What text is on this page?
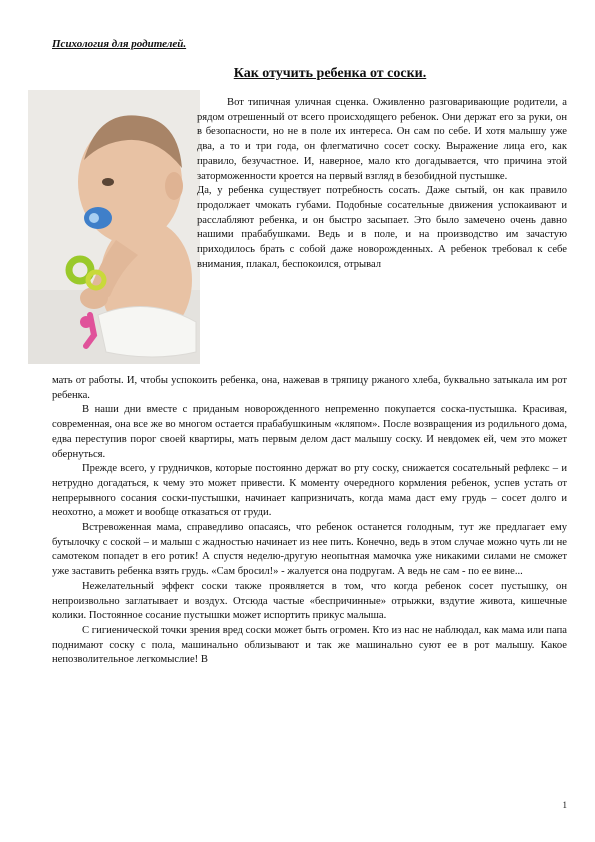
Психология для родителей.
Как отучить ребенка от соски.

Вот типичная уличная сценка. Оживленно разговаривающие родители, а рядом отрешенный от всего происходящего ребенок. Они держат его за руки, он в безопасности, но не в поле их интереса. Он сам по себе. И хотя малышу уже два, а то и три года, он флегматично сосет соску. Выражение лица его, как правило, безучастное. И, наверное, мало кто догадывается, что причина этой заторможенности кроется на первый взгляд в безобидной пустышке.

Да, у ребенка существует потребность сосать. Даже сытый, он как правило продолжает чмокать губами. Подобные сосательные движения успокаивают и расслабляют ребенка, и он быстро засыпает. Это было замечено очень давно нашими прабабушками. Ведь и в поле, и на производство им зачастую приходилось брать с собой даже новорожденных. А ребенок требовал к себе внимания, плакал, беспокоился, отрывал

мать от работы. И, чтобы успокоить ребенка, она, нажевав в тряпицу ржаного хлеба, буквально затыкала им рот ребенка.

В наши дни вместе с приданым новорожденного непременно покупается соска-пустышка. Красивая, современная, она все же во многом остается прабабушкиным «кляпом». После возвращения из родильного дома, едва переступив порог своей квартиры, мать первым делом даст малышу соску. И невдомек ей, чем это может обернуться.

Прежде всего, у грудничков, которые постоянно держат во рту соску, снижается сосательный рефлекс – и нетрудно догадаться, к чему это может привести. К моменту очередного кормления ребенок, успев устать от непрерывного сосания соски-пустышки, начинает капризничать, когда мама даст ему грудь – сосет долго и неохотно, а может и вообще отказаться от груди.

Встревоженная мама, справедливо опасаясь, что ребенок останется голодным, тут же предлагает ему бутылочку с соской – и малыш с жадностью начинает из нее пить. Конечно, ведь в этом случае можно чуть ли не самотеком попадет в его ротик! А спустя неделю-другую неопытная мамочка уже никакими силами не сможет уже заставить ребенка взять грудь. «Сам бросил!» - жалуется она подругам. А ведь не сам - по ее вине...

Нежелательный эффект соски также проявляется в том, что когда ребенок сосет пустышку, он непроизвольно заглатывает и воздух. Отсюда частые «беспричинные» отрыжки, вздутие живота, кишечные колики. Постоянное сосание пустышки может испортить прикус малыша.

С гигиенической точки зрения вред соски может быть огромен. Кто из нас не наблюдал, как мама или папа поднимают соску с пола, машинально облизывают и так же машинально суют ее в рот малышу. Какое непозволительное легкомыслие! В

1
